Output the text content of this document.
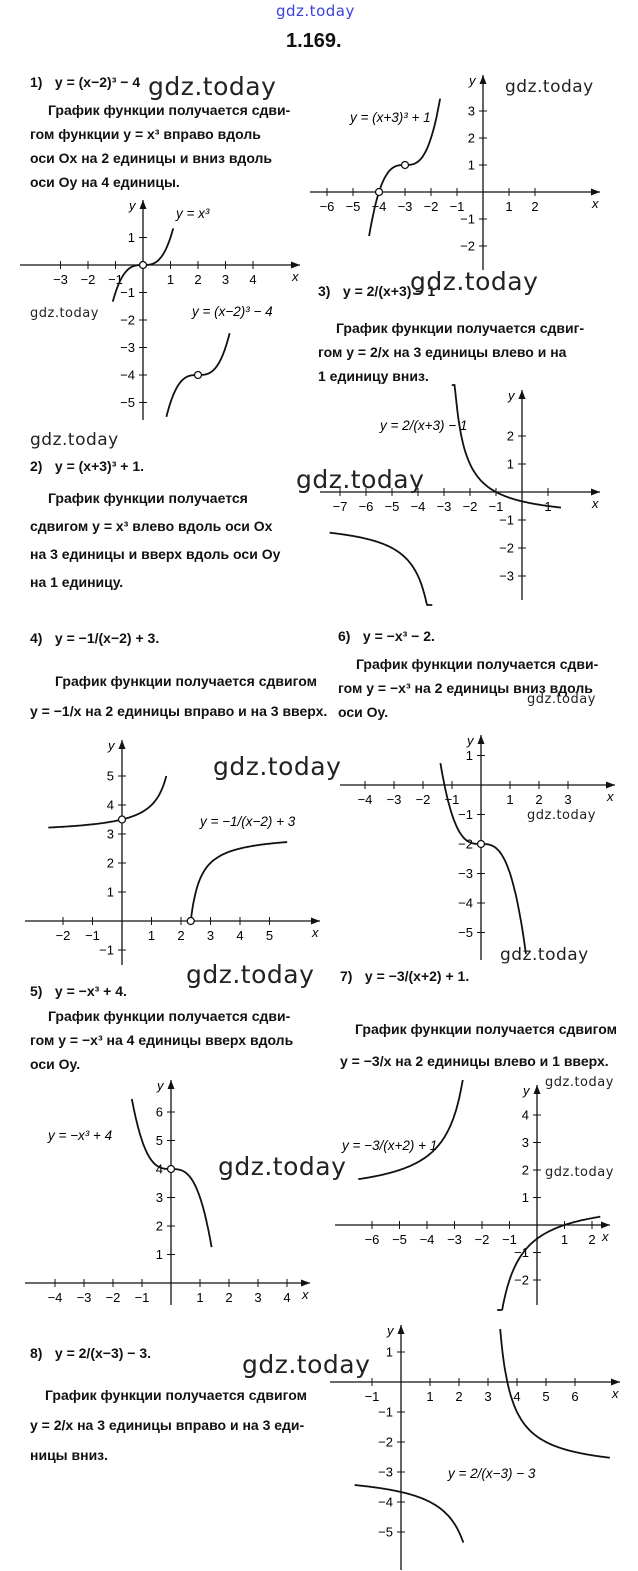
gdz.today
1.169.
1) y = (x−2)³ − 4
График функции получается сдви-
гом функции y = x³ вправо вдоль
оси Ox на 2 единицы и вниз вдоль
оси Oy на 4 единицы.
2) y = (x+3)³ + 1.
График функции получается
сдвигом y = x³ влево вдоль оси Ox
на 3 единицы и вверх вдоль оси Oy
на 1 единицу.
3) y = 2/(x+3) − 1
График функции получается сдвиг-
гом y = 2/x на 3 единицы влево и на
1 единицу вниз.
4) y = −1/(x−2) + 3.
График функции получается сдвигом
y = −1/x на 2 единицы вправо и на 3 вверх.
5) y = −x³ + 4.
График функции получается сдви-
гом y = −x³ на 4 единицы вверх вдоль
оси Oy.
6) y = −x³ − 2.
График функции получается сдви-
гом y = −x³ на 2 единицы вниз вдоль
оси Oy.
7) y = −3/(x+2) + 1.
График функции получается сдвигом
y = −3/x на 2 единицы влево и 1 вверх.
8) y = 2/(x−3) − 3.
График функции получается сдвигом
y = 2/x на 3 единицы вправо и на 3 еди-
ницы вниз.
x
y
−3 −2 −1	1 2 3 4
1
−1
−2
−3
−4
−5
y = x³
y = (x−2)³ − 4
x
y
−6 −5 −4 −3 −2 −1	1 2
3
2
1
−1
−2
y = (x+3)³ + 1
x
y
−7 −6 −5 −4 −3 −2 −1	1
2
1
−1
−2
−3
y = 2/(x+3) − 1
x
y
−2 −1	1 2 3 4 5
5
4
3
2
1
−1
y = −1/(x−2) + 3
x
y
−4 −3 −2 −1	1 2 3 4
6
5
4
3
2
1
y = −x³ + 4
x
y
−4 −3 −2 −1	1 2 3
1
−1
−2
−3
−4
−5
x
y
−6 −5 −4 −3 −2 −1	1 2
4
3
2
1
−1
−2
y = −3/(x+2) + 1
x
y
−1	1 2 3 4 5 6
1
−1
−2
−3
−4
−5
y = 2/(x−3) − 3
gdz.today	gdz.today
gdz.today
gdz.today
gdz.today
gdz.today
gdz.today
gdz.today
gdz.today
gdz.today
gdz.today
gdz.today
gdz.today
gdz.today
gdz.today
